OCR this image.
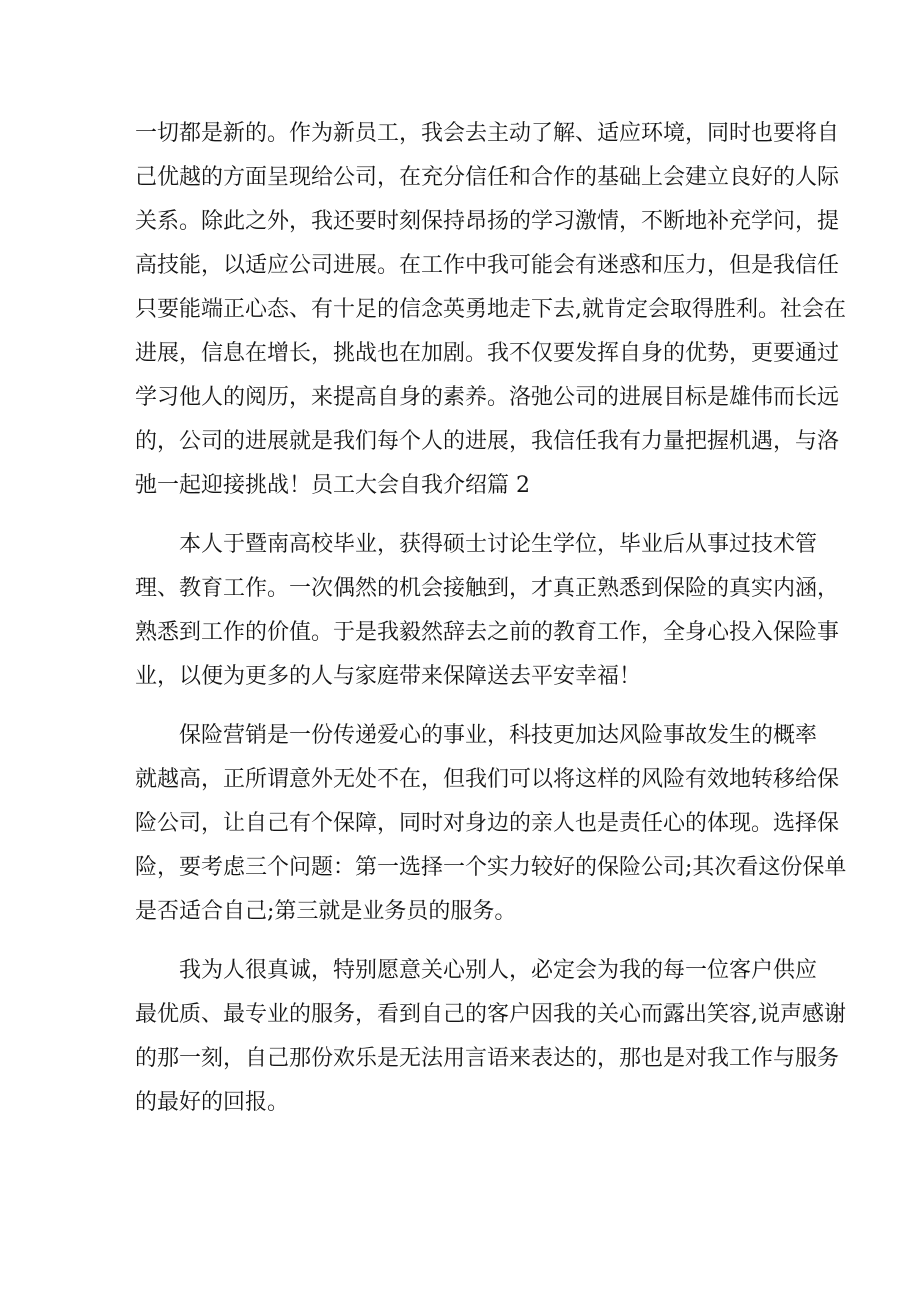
一切都是新的。作为新员工，我会去主动了解、适应环境，同时也要将自
己优越的方面呈现给公司，在充分信任和合作的基础上会建立良好的人际
关系。除此之外，我还要时刻保持昂扬的学习激情，不断地补充学问，提
高技能，以适应公司进展。在工作中我可能会有迷惑和压力，但是我信任
只要能端正心态、有十足的信念英勇地走下去,就肯定会取得胜利。社会在
进展，信息在增长，挑战也在加剧。我不仅要发挥自身的优势，更要通过
学习他人的阅历，来提高自身的素养。洛弛公司的进展目标是雄伟而长远
的，公司的进展就是我们每个人的进展，我信任我有力量把握机遇，与洛
弛一起迎接挑战！员工大会自我介绍篇 2
　　本人于暨南高校毕业，获得硕士讨论生学位，毕业后从事过技术管
理、教育工作。一次偶然的机会接触到，才真正熟悉到保险的真实内涵，
熟悉到工作的价值。于是我毅然辞去之前的教育工作，全身心投入保险事
业，以便为更多的人与家庭带来保障送去平安幸福！
　　保险营销是一份传递爱心的事业，科技更加达风险事故发生的概率
就越高，正所谓意外无处不在，但我们可以将这样的风险有效地转移给保
险公司，让自己有个保障，同时对身边的亲人也是责任心的体现。选择保
险，要考虑三个问题：第一选择一个实力较好的保险公司;其次看这份保单
是否适合自己;第三就是业务员的服务。
　　我为人很真诚，特别愿意关心别人，必定会为我的每一位客户供应
最优质、最专业的服务，看到自己的客户因我的关心而露出笑容,说声感谢
的那一刻，自己那份欢乐是无法用言语来表达的，那也是对我工作与服务
的最好的回报。
